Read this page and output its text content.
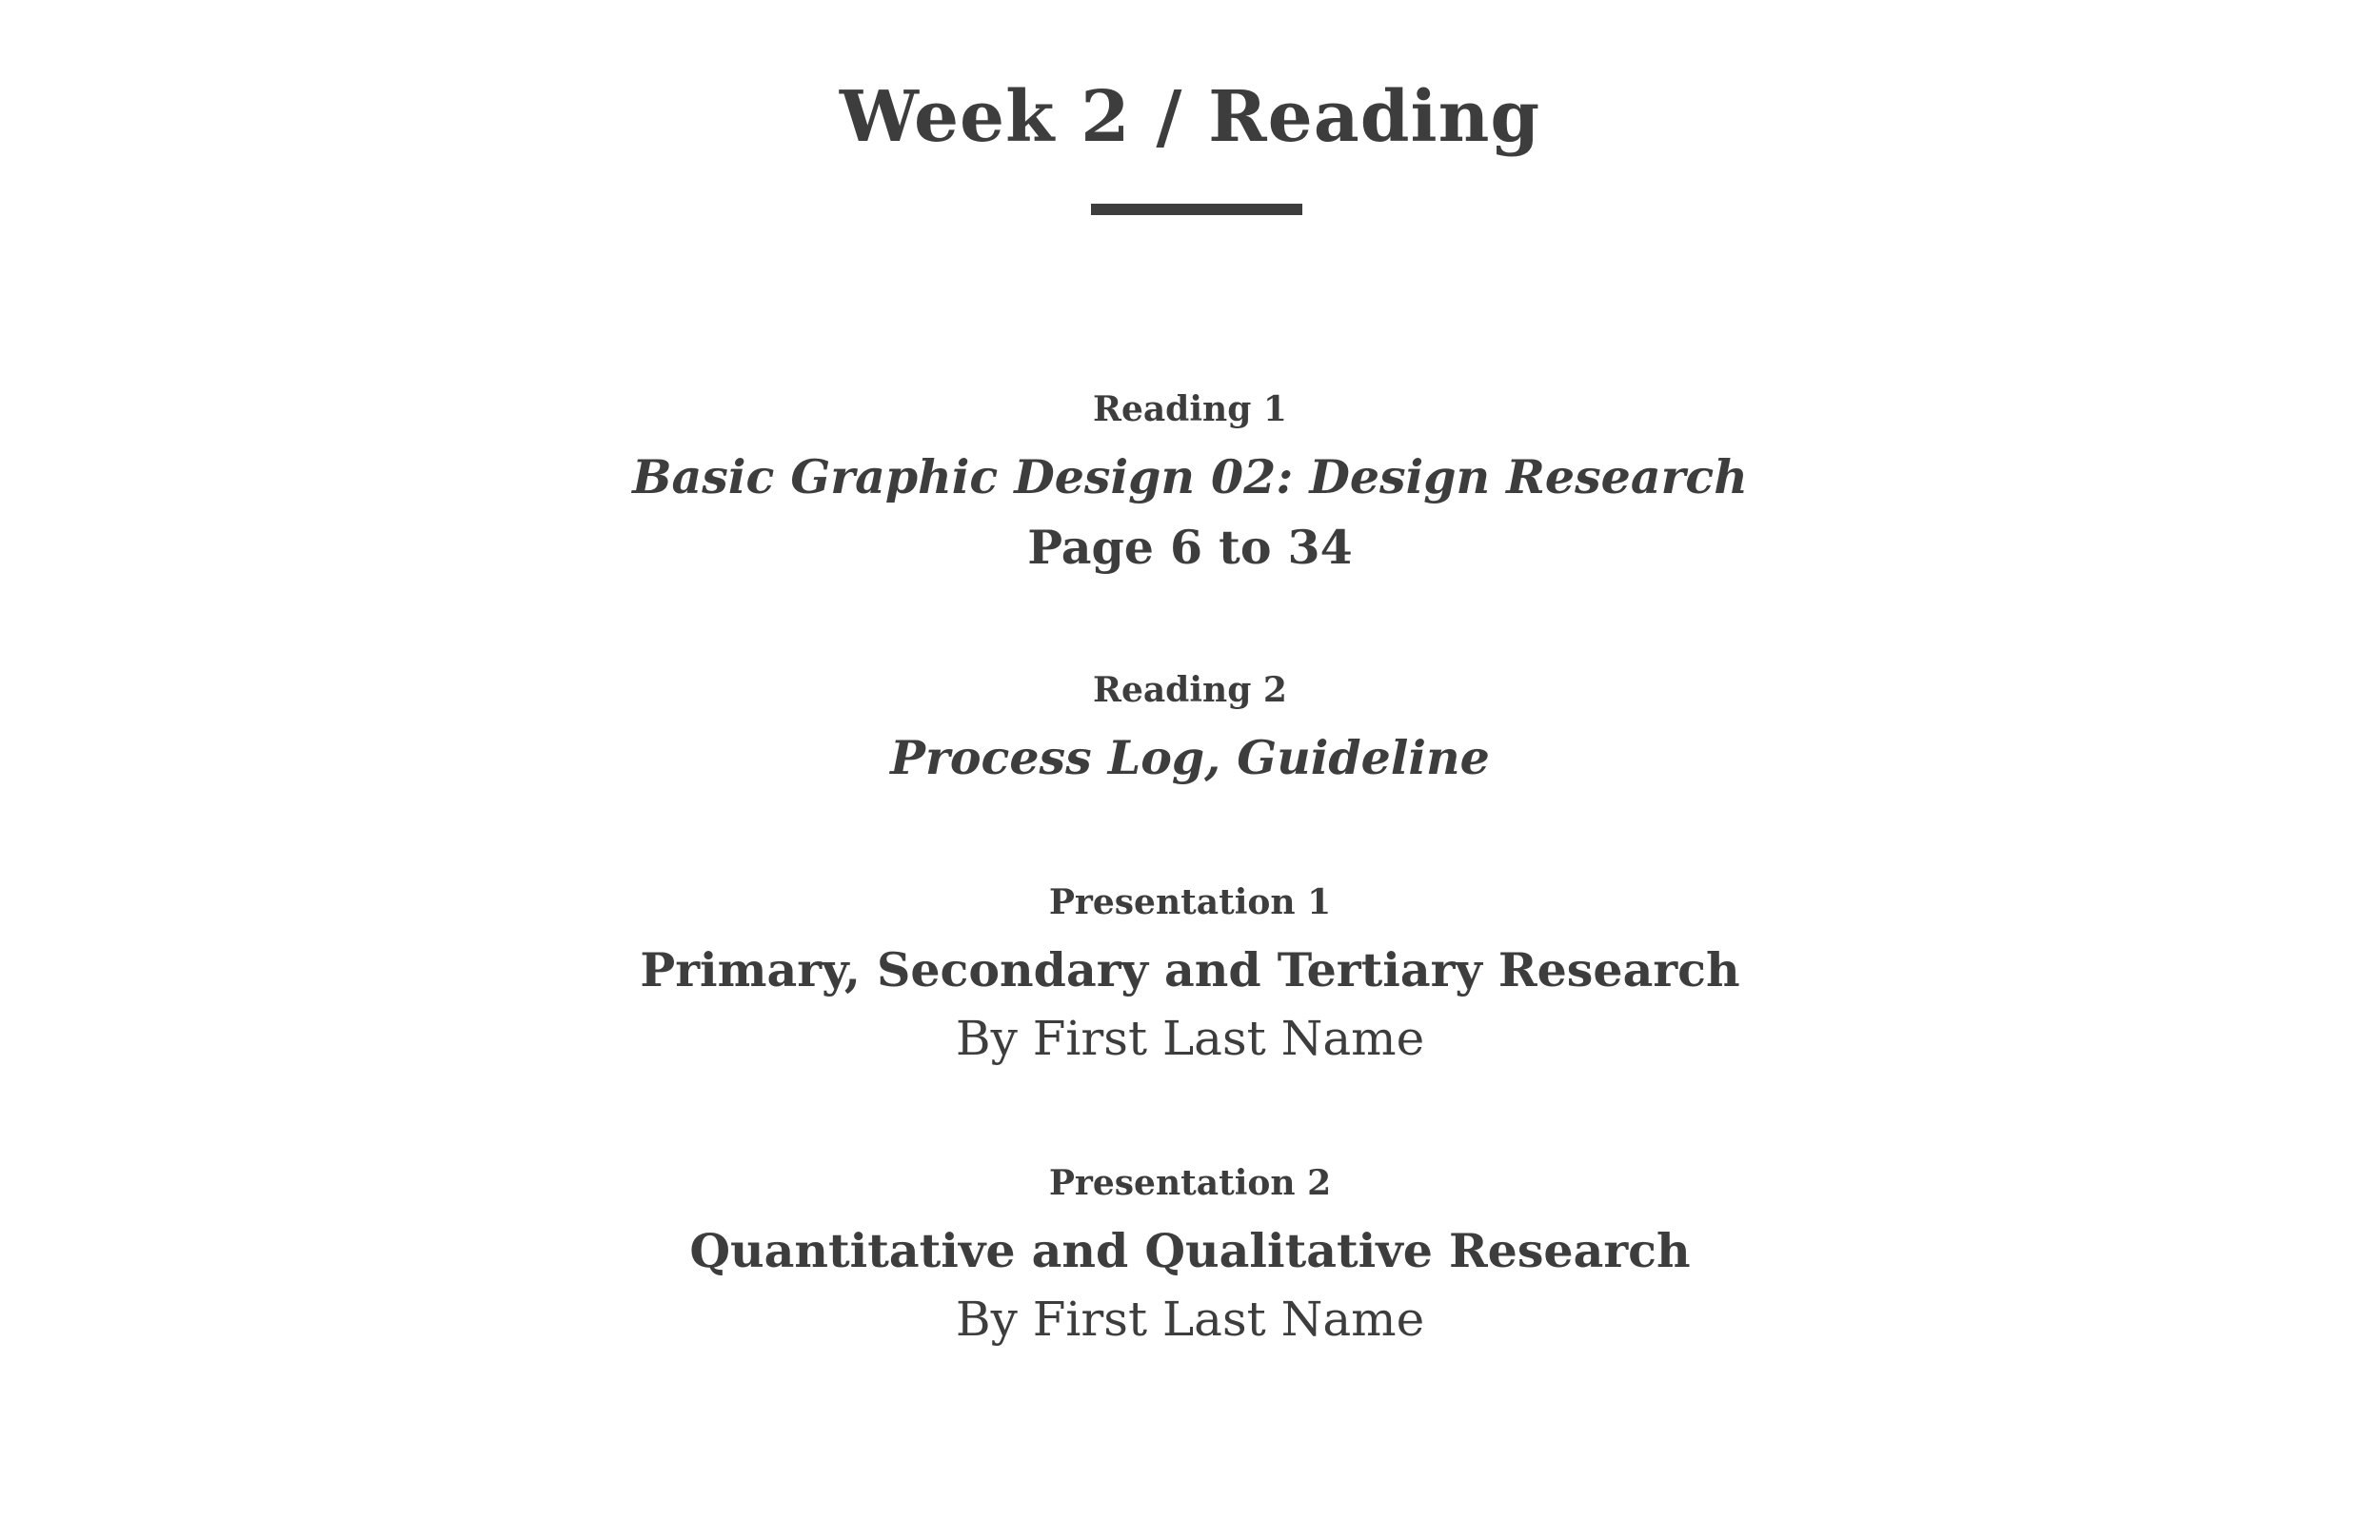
Week 2 / Reading
Reading 1
Basic Graphic Design 02: Design Research
Page 6 to 34
Reading 2
Process Log, Guideline
Presentation 1
Primary, Secondary and Tertiary Research
By First Last Name
Presentation 2
Quantitative and Qualitative Research
By First Last Name
